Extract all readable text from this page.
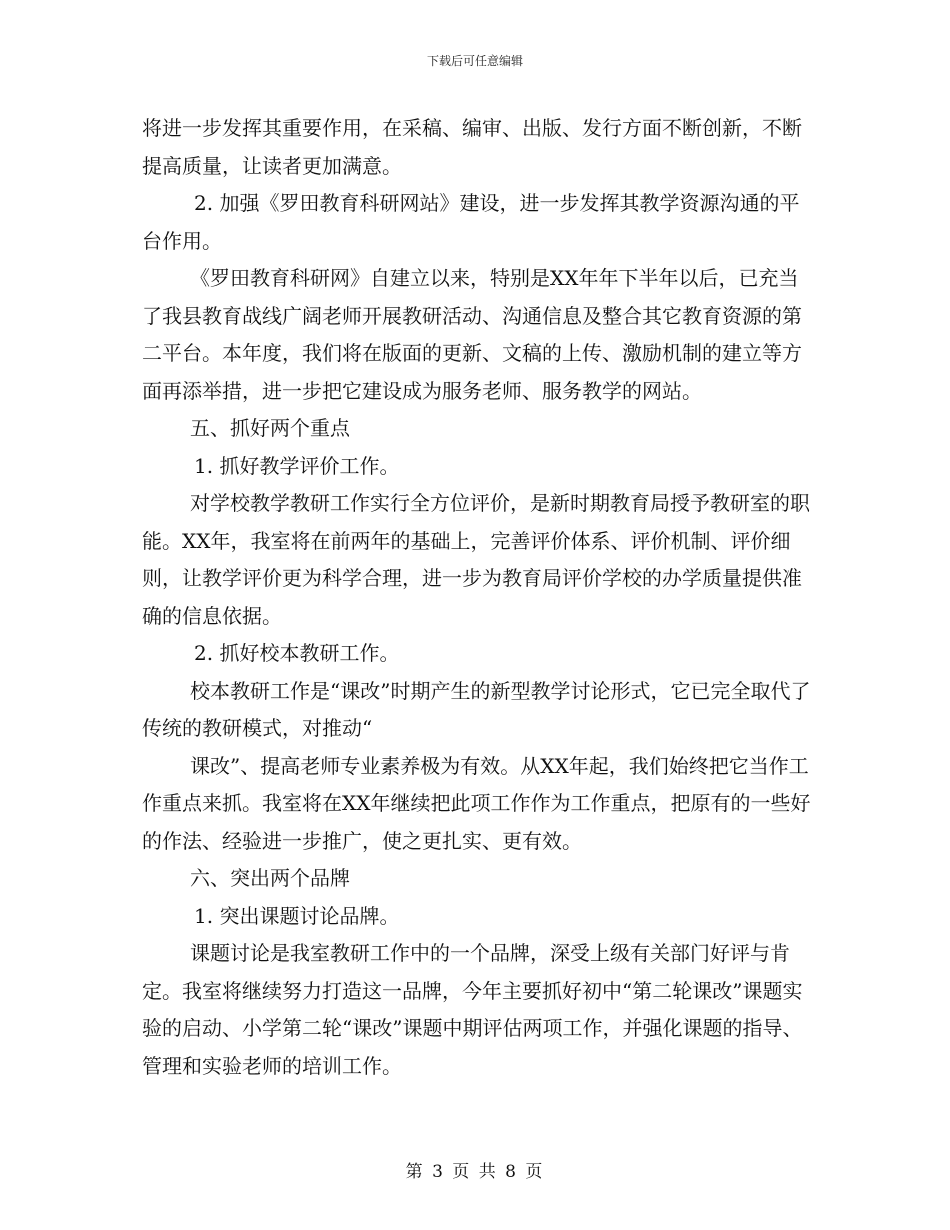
下载后可任意编辑

将进一步发挥其重要作用，在采稿、编审、出版、发行方面不断创新，不断提高质量，让读者更加满意。

2. 加强《罗田教育科研网站》建设，进一步发挥其教学资源沟通的平台作用。

《罗田教育科研网》自建立以来，特别是XX年年下半年以后，已充当了我县教育战线广阔老师开展教研活动、沟通信息及整合其它教育资源的第二平台。本年度，我们将在版面的更新、文稿的上传、激励机制的建立等方面再添举措，进一步把它建设成为服务老师、服务教学的网站。

五、抓好两个重点

1. 抓好教学评价工作。

对学校教学教研工作实行全方位评价，是新时期教育局授予教研室的职能。XX年，我室将在前两年的基础上，完善评价体系、评价机制、评价细则，让教学评价更为科学合理，进一步为教育局评价学校的办学质量提供准确的信息依据。

2. 抓好校本教研工作。

校本教研工作是“课改”时期产生的新型教学讨论形式，它已完全取代了传统的教研模式，对推动“

课改”、提高老师专业素养极为有效。从XX年起，我们始终把它当作工作重点来抓。我室将在XX年继续把此项工作作为工作重点，把原有的一些好的作法、经验进一步推广，使之更扎实、更有效。

六、突出两个品牌

1. 突出课题讨论品牌。

课题讨论是我室教研工作中的一个品牌，深受上级有关部门好评与肯定。我室将继续努力打造这一品牌，今年主要抓好初中“第二轮课改”课题实验的启动、小学第二轮“课改”课题中期评估两项工作，并强化课题的指导、管理和实验老师的培训工作。

第 3 页 共 8 页
